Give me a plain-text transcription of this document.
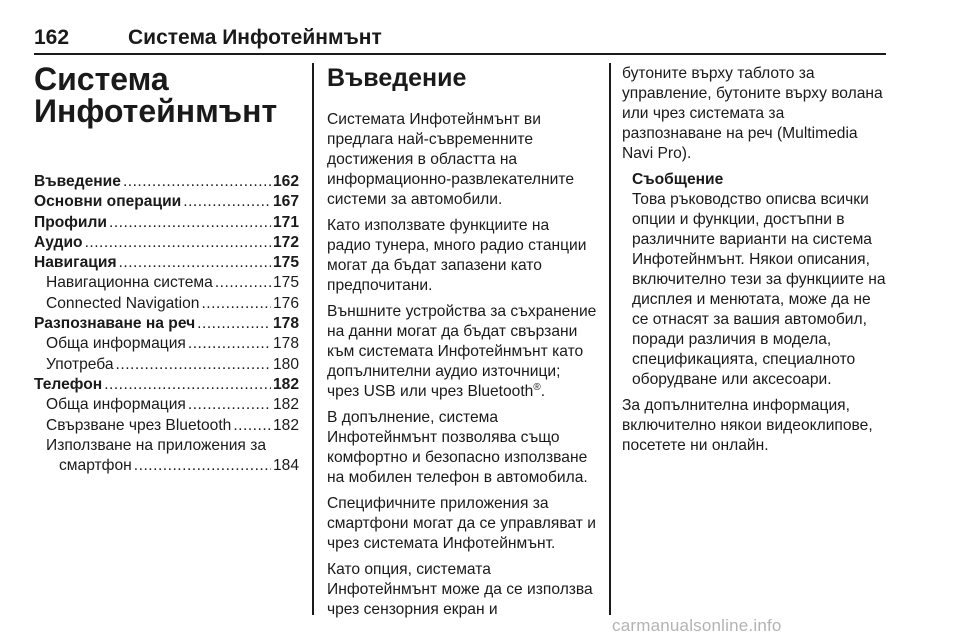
162	Система Инфотейнмънт
Система
Инфотейнмънт
Въведение .....	162
Основни операции .....	167
Профили .....	171
Аудио .....	172
Навигация .....	175
Навигационна система .....	175
Connected Navigation .....	176
Разпознаване на реч .....	178
Обща информация .....	178
Употреба .....	180
Телефон .....	182
Обща информация .....	182
Свързване чрез Bluetooth .....	182
Използване на приложения за
смартфон .....	184
Въведение

Системата Инфотейнмънт ви предлага най-съвременните достижения в областта на информационно-развлекателните системи за автомобили.

Като използвате функциите на радио тунера, много радио станции могат да бъдат запазени като предпочитани.

Външните устройства за съхранение на данни могат да бъдат свързани към системата Инфотейнмънт като допълнителни аудио източници; чрез USB или чрез Bluetooth®.

В допълнение, система Инфотейнмънт позволява също комфортно и безопасно използване на мобилен телефон в автомобила.

Специфичните приложения за смартфони могат да се управляват и чрез системата Инфотейнмънт.

Като опция, системата Инфотейнмънт може да се използва чрез сензорния екран и

бутоните върху таблото за управление, бутоните върху волана или чрез системата за разпознаване на реч (Multimedia Navi Pro).

Съобщение
Това ръководство описва всички опции и функции, достъпни в различните варианти на система Инфотейнмънт. Някои описания, включително тези за функциите на дисплея и менютата, може да не се отнасят за вашия автомобил, поради различия в модела, спецификацията, специалното оборудване или аксесоари.

За допълнителна информация, включително някои видеоклипове, посетете ни онлайн.

carmanualsonline.info
